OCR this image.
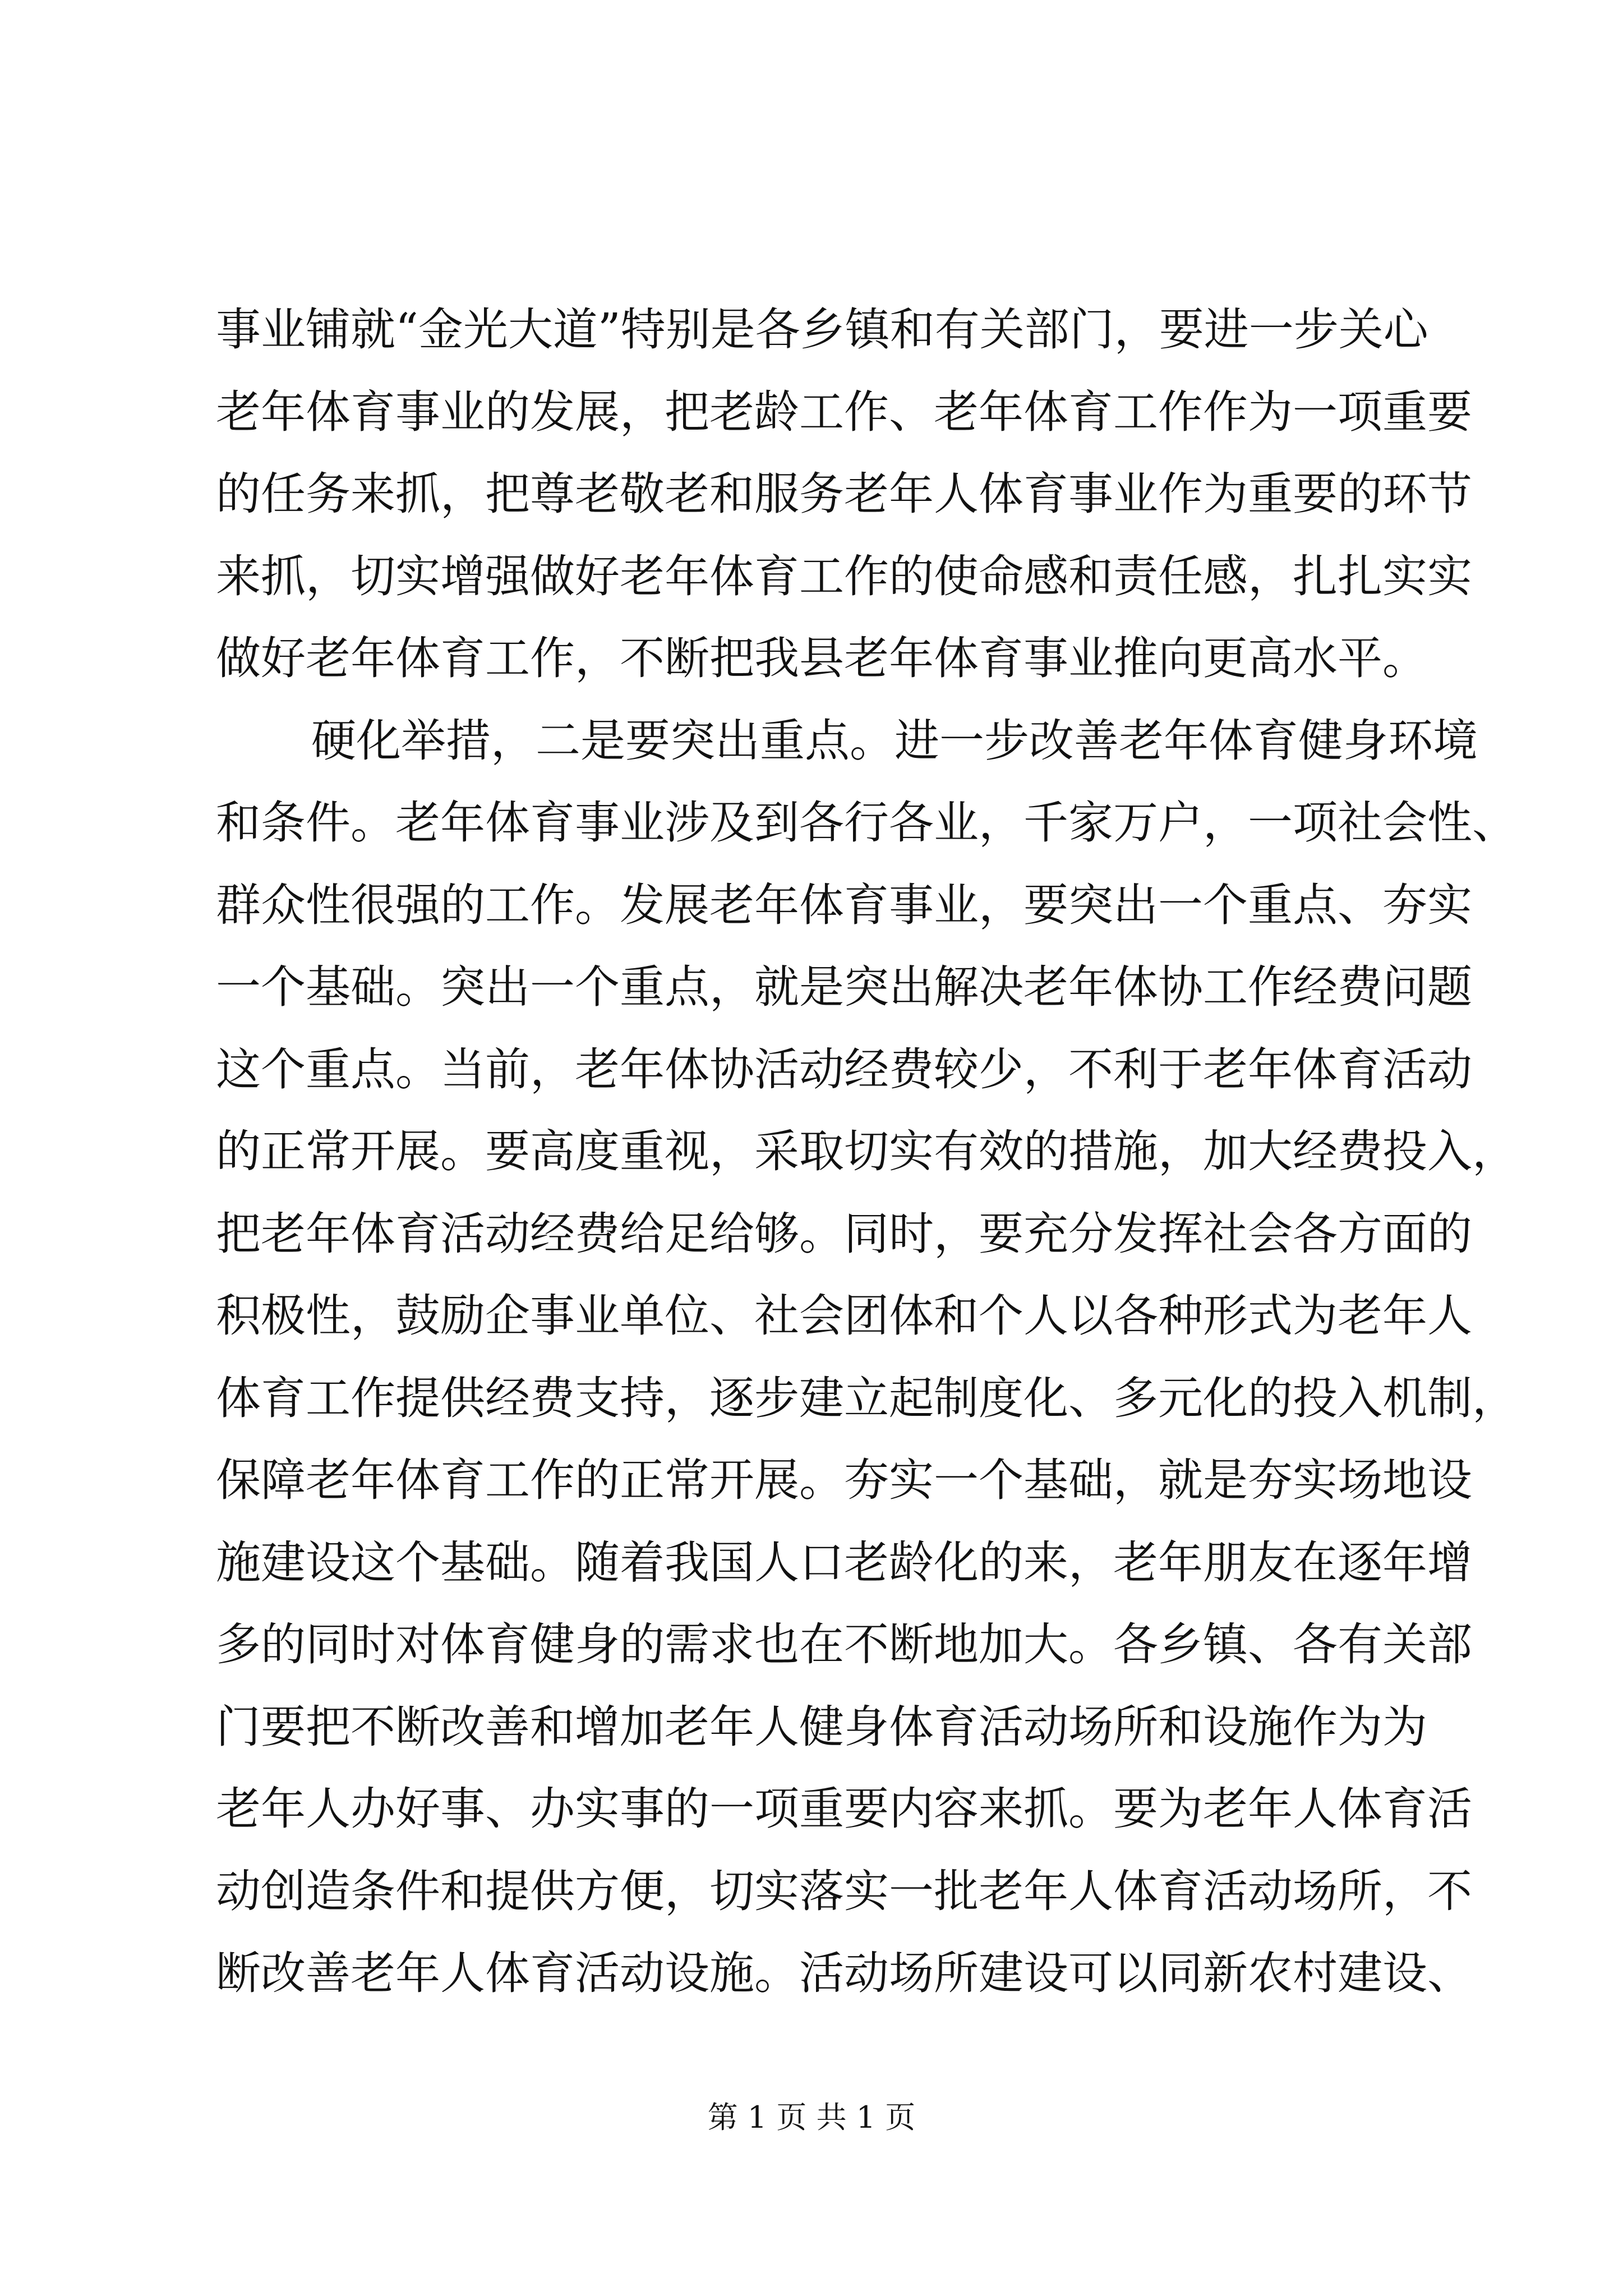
事业铺就“金光大道”特别是各乡镇和有关部门，要进一步关心
老年体育事业的发展，把老龄工作、老年体育工作作为一项重要
的任务来抓，把尊老敬老和服务老年人体育事业作为重要的环节
来抓，切实增强做好老年体育工作的使命感和责任感，扎扎实实
做好老年体育工作，不断把我县老年体育事业推向更高水平。
硬化举措，二是要突出重点。进一步改善老年体育健身环境
和条件。老年体育事业涉及到各行各业，千家万户，一项社会性、
群众性很强的工作。发展老年体育事业，要突出一个重点、夯实
一个基础。突出一个重点，就是突出解决老年体协工作经费问题
这个重点。当前，老年体协活动经费较少，不利于老年体育活动
的正常开展。要高度重视，采取切实有效的措施，加大经费投入，
把老年体育活动经费给足给够。同时，要充分发挥社会各方面的
积极性，鼓励企事业单位、社会团体和个人以各种形式为老年人
体育工作提供经费支持，逐步建立起制度化、多元化的投入机制，
保障老年体育工作的正常开展。夯实一个基础，就是夯实场地设
施建设这个基础。随着我国人口老龄化的来，老年朋友在逐年增
多的同时对体育健身的需求也在不断地加大。各乡镇、各有关部
门要把不断改善和增加老年人健身体育活动场所和设施作为为
老年人办好事、办实事的一项重要内容来抓。要为老年人体育活
动创造条件和提供方便，切实落实一批老年人体育活动场所，不
断改善老年人体育活动设施。活动场所建设可以同新农村建设、
第 1 页 共 1 页
